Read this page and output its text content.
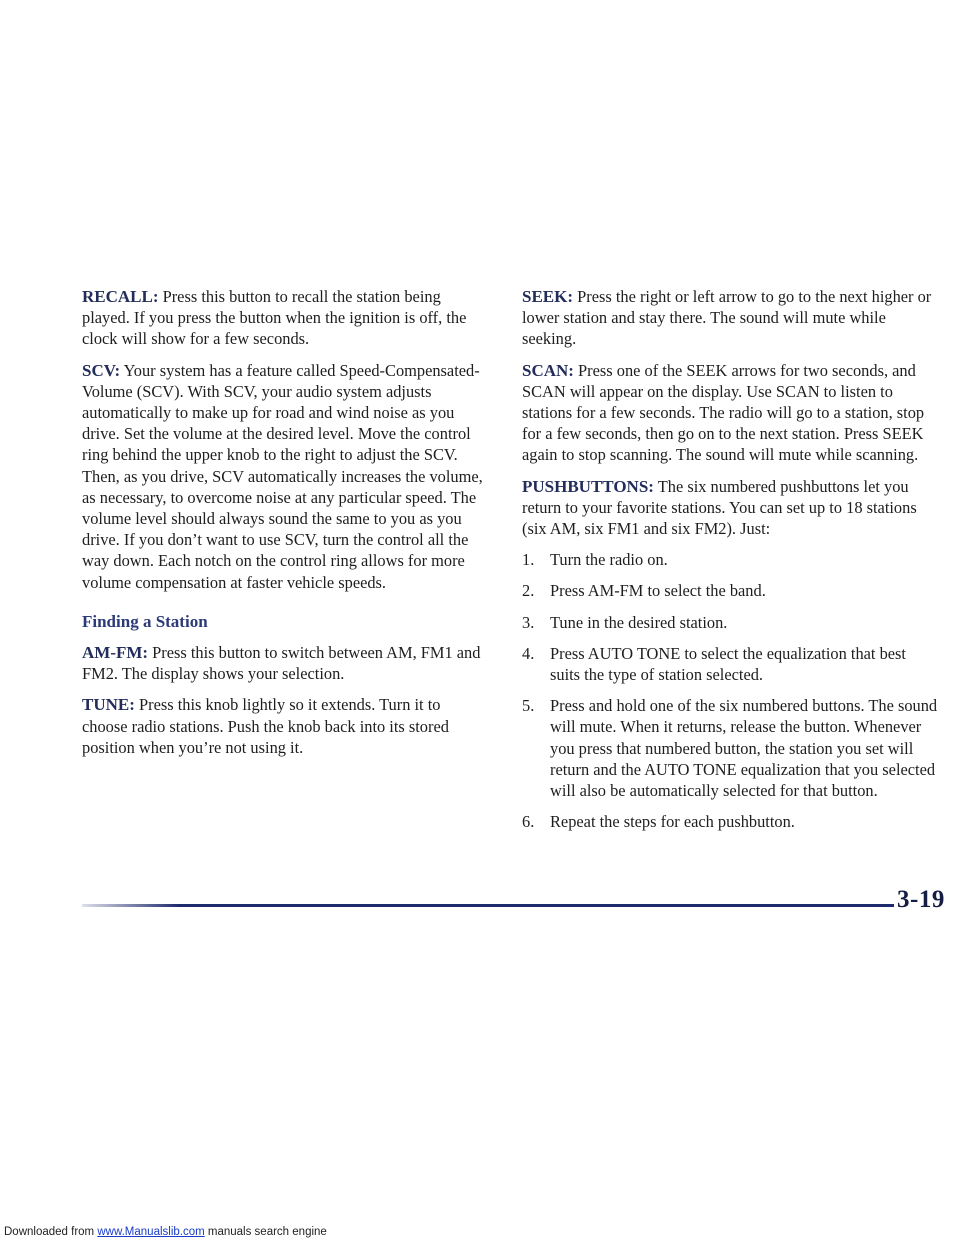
RECALL: Press this button to recall the station being played. If you press the button when the ignition is off, the clock will show for a few seconds.

SCV: Your system has a feature called Speed-Compensated-Volume (SCV). With SCV, your audio system adjusts automatically to make up for road and wind noise as you drive. Set the volume at the desired level. Move the control ring behind the upper knob to the right to adjust the SCV. Then, as you drive, SCV automatically increases the volume, as necessary, to overcome noise at any particular speed. The volume level should always sound the same to you as you drive. If you don’t want to use SCV, turn the control all the way down. Each notch on the control ring allows for more volume compensation at faster vehicle speeds.

Finding a Station

AM-FM: Press this button to switch between AM, FM1 and FM2. The display shows your selection.

TUNE: Press this knob lightly so it extends. Turn it to choose radio stations. Push the knob back into its stored position when you’re not using it.

SEEK: Press the right or left arrow to go to the next higher or lower station and stay there. The sound will mute while seeking.

SCAN: Press one of the SEEK arrows for two seconds, and SCAN will appear on the display. Use SCAN to listen to stations for a few seconds. The radio will go to a station, stop for a few seconds, then go on to the next station. Press SEEK again to stop scanning. The sound will mute while scanning.

PUSHBUTTONS: The six numbered pushbuttons let you return to your favorite stations. You can set up to 18 stations (six AM, six FM1 and six FM2). Just:

1. Turn the radio on.
2. Press AM-FM to select the band.
3. Tune in the desired station.
4. Press AUTO TONE to select the equalization that best suits the type of station selected.
5. Press and hold one of the six numbered buttons. The sound will mute. When it returns, release the button. Whenever you press that numbered button, the station you set will return and the AUTO TONE equalization that you selected will also be automatically selected for that button.
6. Repeat the steps for each pushbutton.
3-19
Downloaded from www.Manualslib.com manuals search engine
